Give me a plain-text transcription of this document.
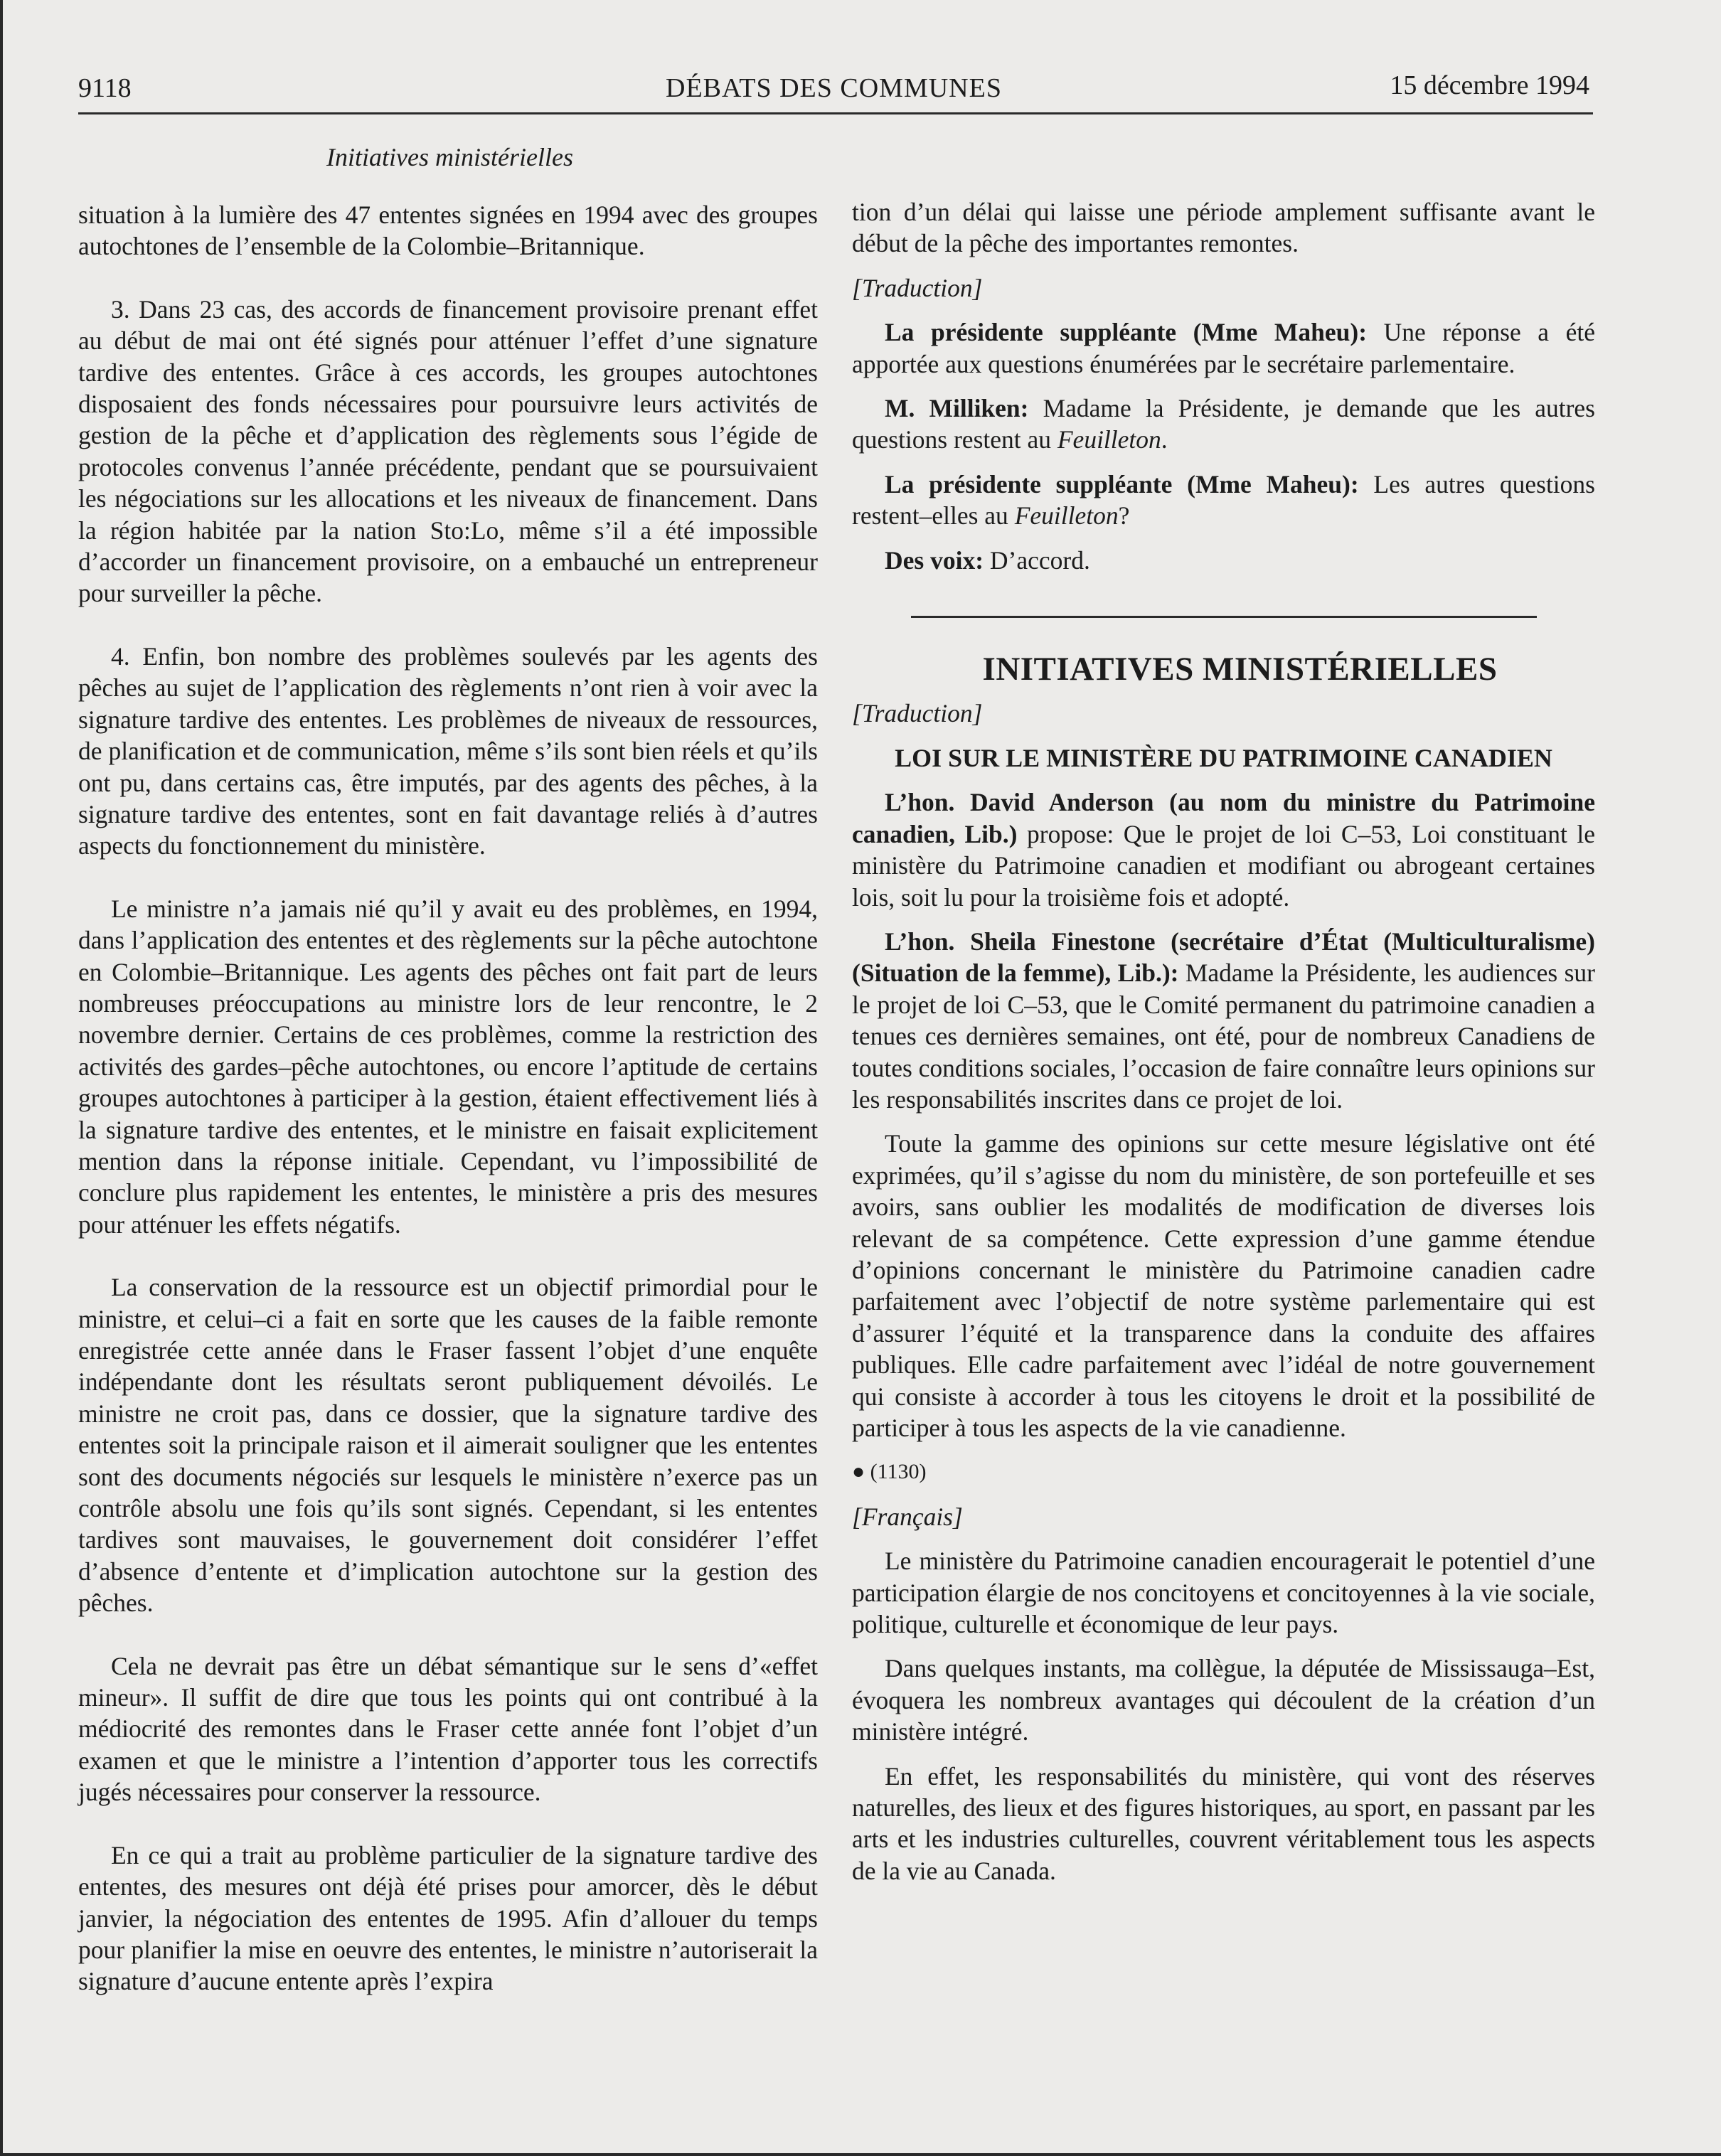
9118	DÉBATS DES COMMUNES	15 décembre 1994
Initiatives ministérielles

situation à la lumière des 47 ententes signées en 1994 avec des groupes autochtones de l’ensemble de la Colombie–Britannique.

3. Dans 23 cas, des accords de financement provisoire prenant effet au début de mai ont été signés pour atténuer l’effet d’une signature tardive des ententes. Grâce à ces accords, les groupes autochtones disposaient des fonds nécessaires pour poursuivre leurs activités de gestion de la pêche et d’application des règlements sous l’égide de protocoles convenus l’année précédente, pendant que se poursuivaient les négociations sur les allocations et les niveaux de financement. Dans la région habitée par la nation Sto:Lo, même s’il a été impossible d’accorder un financement provisoire, on a embauché un entrepreneur pour surveiller la pêche.

4. Enfin, bon nombre des problèmes soulevés par les agents des pêches au sujet de l’application des règlements n’ont rien à voir avec la signature tardive des ententes. Les problèmes de niveaux de ressources, de planification et de communication, même s’ils sont bien réels et qu’ils ont pu, dans certains cas, être imputés, par des agents des pêches, à la signature tardive des ententes, sont en fait davantage reliés à d’autres aspects du fonctionnement du ministère.

Le ministre n’a jamais nié qu’il y avait eu des problèmes, en 1994, dans l’application des ententes et des règlements sur la pêche autochtone en Colombie–Britannique. Les agents des pêches ont fait part de leurs nombreuses préoccupations au ministre lors de leur rencontre, le 2 novembre dernier. Certains de ces problèmes, comme la restriction des activités des gardes–pêche autochtones, ou encore l’aptitude de certains groupes autochtones à participer à la gestion, étaient effectivement liés à la signature tardive des ententes, et le ministre en faisait explicitement mention dans la réponse initiale. Cependant, vu l’impossibilité de conclure plus rapidement les ententes, le ministère a pris des mesures pour atténuer les effets négatifs.

La conservation de la ressource est un objectif primordial pour le ministre, et celui–ci a fait en sorte que les causes de la faible remonte enregistrée cette année dans le Fraser fassent l’objet d’une enquête indépendante dont les résultats seront publiquement dévoilés. Le ministre ne croit pas, dans ce dossier, que la signature tardive des ententes soit la principale raison et il aimerait souligner que les ententes sont des documents négociés sur lesquels le ministère n’exerce pas un contrôle absolu une fois qu’ils sont signés. Cependant, si les ententes tardives sont mauvaises, le gouvernement doit considérer l’effet d’absence d’entente et d’implication autochtone sur la gestion des pêches.

Cela ne devrait pas être un débat sémantique sur le sens d’«effet mineur». Il suffit de dire que tous les points qui ont contribué à la médiocrité des remontes dans le Fraser cette année font l’objet d’un examen et que le ministre a l’intention d’apporter tous les correctifs jugés nécessaires pour conserver la ressource.

En ce qui a trait au problème particulier de la signature tardive des ententes, des mesures ont déjà été prises pour amorcer, dès le début janvier, la négociation des ententes de 1995. Afin d’allouer du temps pour planifier la mise en oeuvre des ententes, le ministre n’autoriserait la signature d’aucune entente après l’expira

tion d’un délai qui laisse une période amplement suffisante avant le début de la pêche des importantes remontes.

[Traduction]

La présidente suppléante (Mme Maheu): Une réponse a été apportée aux questions énumérées par le secrétaire parlementaire.

M. Milliken: Madame la Présidente, je demande que les autres questions restent au Feuilleton.

La présidente suppléante (Mme Maheu): Les autres questions restent–elles au Feuilleton?

Des voix: D’accord.

INITIATIVES MINISTÉRIELLES

[Traduction]

LOI SUR LE MINISTÈRE DU PATRIMOINE CANADIEN

L’hon. David Anderson (au nom du ministre du Patrimoine canadien, Lib.) propose: Que le projet de loi C–53, Loi constituant le ministère du Patrimoine canadien et modifiant ou abrogeant certaines lois, soit lu pour la troisième fois et adopté.

L’hon. Sheila Finestone (secrétaire d’État (Multiculturalisme) (Situation de la femme), Lib.): Madame la Présidente, les audiences sur le projet de loi C–53, que le Comité permanent du patrimoine canadien a tenues ces dernières semaines, ont été, pour de nombreux Canadiens de toutes conditions sociales, l’occasion de faire connaître leurs opinions sur les responsabilités inscrites dans ce projet de loi.

Toute la gamme des opinions sur cette mesure législative ont été exprimées, qu’il s’agisse du nom du ministère, de son portefeuille et ses avoirs, sans oublier les modalités de modification de diverses lois relevant de sa compétence. Cette expression d’une gamme étendue d’opinions concernant le ministère du Patrimoine canadien cadre parfaitement avec l’objectif de notre système parlementaire qui est d’assurer l’équité et la transparence dans la conduite des affaires publiques. Elle cadre parfaitement avec l’idéal de notre gouvernement qui consiste à accorder à tous les citoyens le droit et la possibilité de participer à tous les aspects de la vie canadienne.

● (1130)

[Français]

Le ministère du Patrimoine canadien encouragerait le potentiel d’une participation élargie de nos concitoyens et concitoyennes à la vie sociale, politique, culturelle et économique de leur pays.

Dans quelques instants, ma collègue, la députée de Mississauga–Est, évoquera les nombreux avantages qui découlent de la création d’un ministère intégré.

En effet, les responsabilités du ministère, qui vont des réserves naturelles, des lieux et des figures historiques, au sport, en passant par les arts et les industries culturelles, couvrent véritablement tous les aspects de la vie au Canada.
